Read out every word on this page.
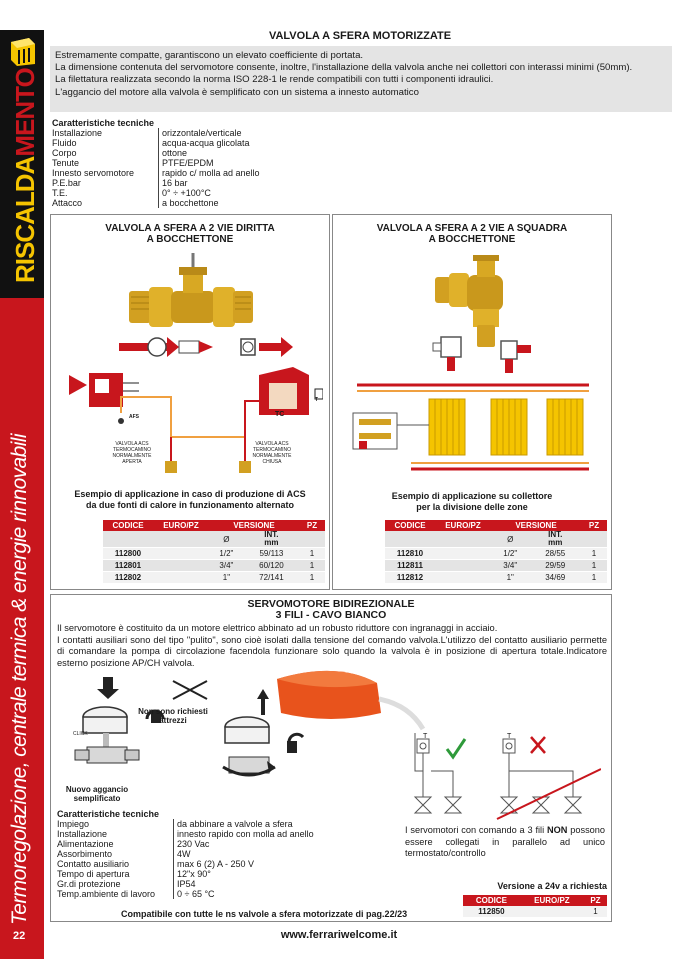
RISCALDAMENTO
Termoregolazione, centrale termica & energie rinnovabili
22
VALVOLA A SFERA MOTORIZZATE

Estremamente compatte, garantiscono un elevato coefficiente di portata.

La dimensione contenuta del servomotore consente, inoltre, l'installazione della valvola anche nei collettori con interassi minimi (50mm).

La filettatura realizzata secondo la norma ISO 228-1 le rende compatibili con tutti i componenti idraulici.

L'aggancio del motore alla valvola è semplificato con un sistema a innesto automatico

Caratteristiche tecniche
Installazione	orizzontale/verticale
Fluido	acqua-acqua glicolata
Corpo	ottone
Tenute	PTFE/EPDM
Innesto servomotore	rapido c/ molla ad anello
P.E.bar	16 bar
T.E.	0° ÷ +100°C
Attacco	a bocchettone
VALVOLA A SFERA A 2 VIE DIRITTA
A BOCCHETTONE
AFS	TC
T
VALVOLA ACS
TERMOCAMINO
NORMALMENTE
APERTA
VALVOLA ACS
TERMOCAMINO
NORMALMENTE
CHIUSA
Esempio di applicazione in caso di produzione di ACS
da due fonti di calore in funzionamento alternato
CODICE	EURO/PZ	VERSIONE		PZ
		Ø	INT.
mm	

112800		1/2"	59/113	1
112801		3/4"	60/120	1
112802		1"	72/141	1
VALVOLA A SFERA A 2 VIE A SQUADRA
A BOCCHETTONE
Esempio di applicazione su collettore
per la divisione delle zone
CODICE	EURO/PZ	VERSIONE		PZ
		Ø	INT.
mm	

112810		1/2"	28/55	1
112811		3/4"	29/59	1
112812		1"	34/69	1
SERVOMOTORE BIDIREZIONALE
3 FILI - CAVO BIANCO
Il servomotore è costituito da un motore elettrico abbinato ad un robusto riduttore con ingranaggi in acciaio.
I contatti ausiliari sono del tipo "pulito", sono cioè isolati dalla tensione del comando valvola.L'utilizzo del contatto ausiliario permette di comandare la pompa di circolazione facendola funzionare solo quando la valvola è in posizione di apertura totale.Indicatore esterno posizione AP/CH valvola.
Non sono richiesti
attrezzi
CLICK
Nuovo aggancio
semplificato
T	T
Caratteristiche tecniche
Impiego	da abbinare a valvole a sfera
Installazione	innesto rapido con molla ad anello
Alimentazione	230 Vac
Assorbimento	4W
Contatto ausiliario	max 6 (2) A - 250 V
Tempo di apertura	12"x 90°
Gr.di protezione	IP54
Temp.ambiente di lavoro	0 ÷ 65 °C
I servomotori con comando a 3 fili NON possono essere collegati in parallelo ad unico termostato/controllo
Versione a 24v a richiesta
CODICE	EURO/PZ	PZ
112850		1
Compatibile con tutte le ns valvole a sfera motorizzate di pag.22/23
www.ferrariwelcome.it
